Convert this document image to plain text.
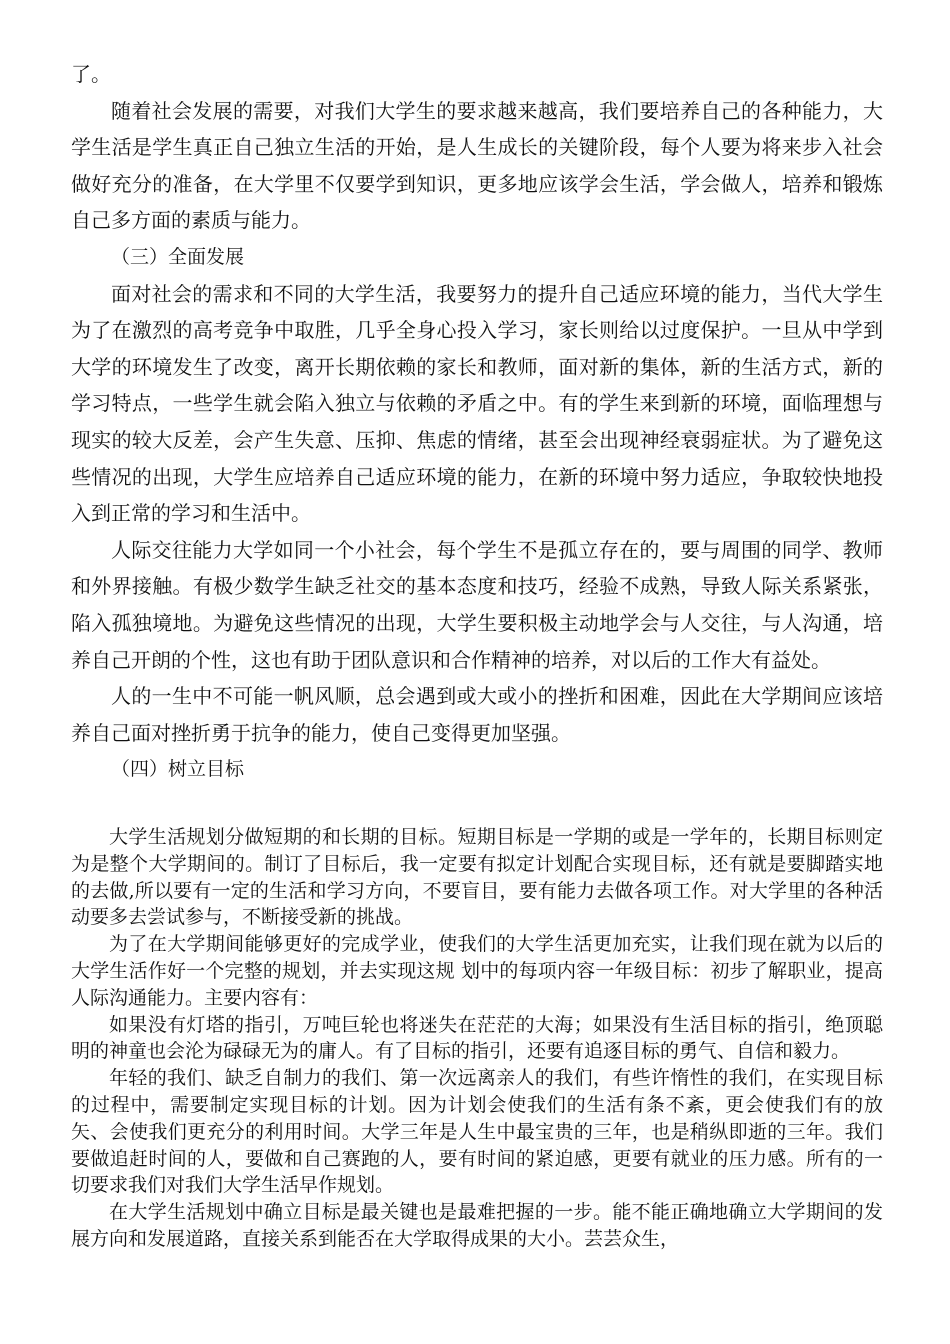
了。

随着社会发展的需要，对我们大学生的要求越来越高，我们要培养自己的各种能力，大学生活是学生真正自己独立生活的开始，是人生成长的关键阶段，每个人要为将来步入社会做好充分的准备，在大学里不仅要学到知识，更多地应该学会生活，学会做人，培养和锻炼自己多方面的素质与能力。

（三）全面发展

面对社会的需求和不同的大学生活，我要努力的提升自己适应环境的能力，当代大学生为了在激烈的高考竞争中取胜，几乎全身心投入学习，家长则给以过度保护。一旦从中学到大学的环境发生了改变，离开长期依赖的家长和教师，面对新的集体，新的生活方式，新的学习特点，一些学生就会陷入独立与依赖的矛盾之中。有的学生来到新的环境，面临理想与现实的较大反差，会产生失意、压抑、焦虑的情绪，甚至会出现神经衰弱症状。为了避免这些情况的出现，大学生应培养自己适应环境的能力，在新的环境中努力适应，争取较快地投入到正常的学习和生活中。

人际交往能力大学如同一个小社会，每个学生不是孤立存在的，要与周围的同学、教师和外界接触。有极少数学生缺乏社交的基本态度和技巧，经验不成熟，导致人际关系紧张，陷入孤独境地。为避免这些情况的出现，大学生要积极主动地学会与人交往，与人沟通，培养自己开朗的个性，这也有助于团队意识和合作精神的培养，对以后的工作大有益处。

人的一生中不可能一帆风顺，总会遇到或大或小的挫折和困难，因此在大学期间应该培养自己面对挫折勇于抗争的能力，使自己变得更加坚强。

（四）树立目标

大学生活规划分做短期的和长期的目标。短期目标是一学期的或是一学年的，长期目标则定为是整个大学期间的。制订了目标后，我一定要有拟定计划配合实现目标，还有就是要脚踏实地的去做,所以要有一定的生活和学习方向，不要盲目，要有能力去做各项工作。对大学里的各种活动要多去尝试参与，不断接受新的挑战。

为了在大学期间能够更好的完成学业，使我们的大学生活更加充实，让我们现在就为以后的大学生活作好一个完整的规划，并去实现这规 划中的每项内容一年级目标：初步了解职业，提高人际沟通能力。主要内容有：

如果没有灯塔的指引，万吨巨轮也将迷失在茫茫的大海；如果没有生活目标的指引，绝顶聪明的神童也会沦为碌碌无为的庸人。有了目标的指引，还要有追逐目标的勇气、自信和毅力。

年轻的我们、缺乏自制力的我们、第一次远离亲人的我们，有些许惰性的我们，在实现目标的过程中，需要制定实现目标的计划。因为计划会使我们的生活有条不紊，更会使我们有的放矢、会使我们更充分的利用时间。大学三年是人生中最宝贵的三年，也是稍纵即逝的三年。我们要做追赶时间的人，要做和自己赛跑的人，要有时间的紧迫感，更要有就业的压力感。所有的一切要求我们对我们大学生活早作规划。

在大学生活规划中确立目标是最关键也是最难把握的一步。能不能正确地确立大学期间的发展方向和发展道路，直接关系到能否在大学取得成果的大小。芸芸众生，
